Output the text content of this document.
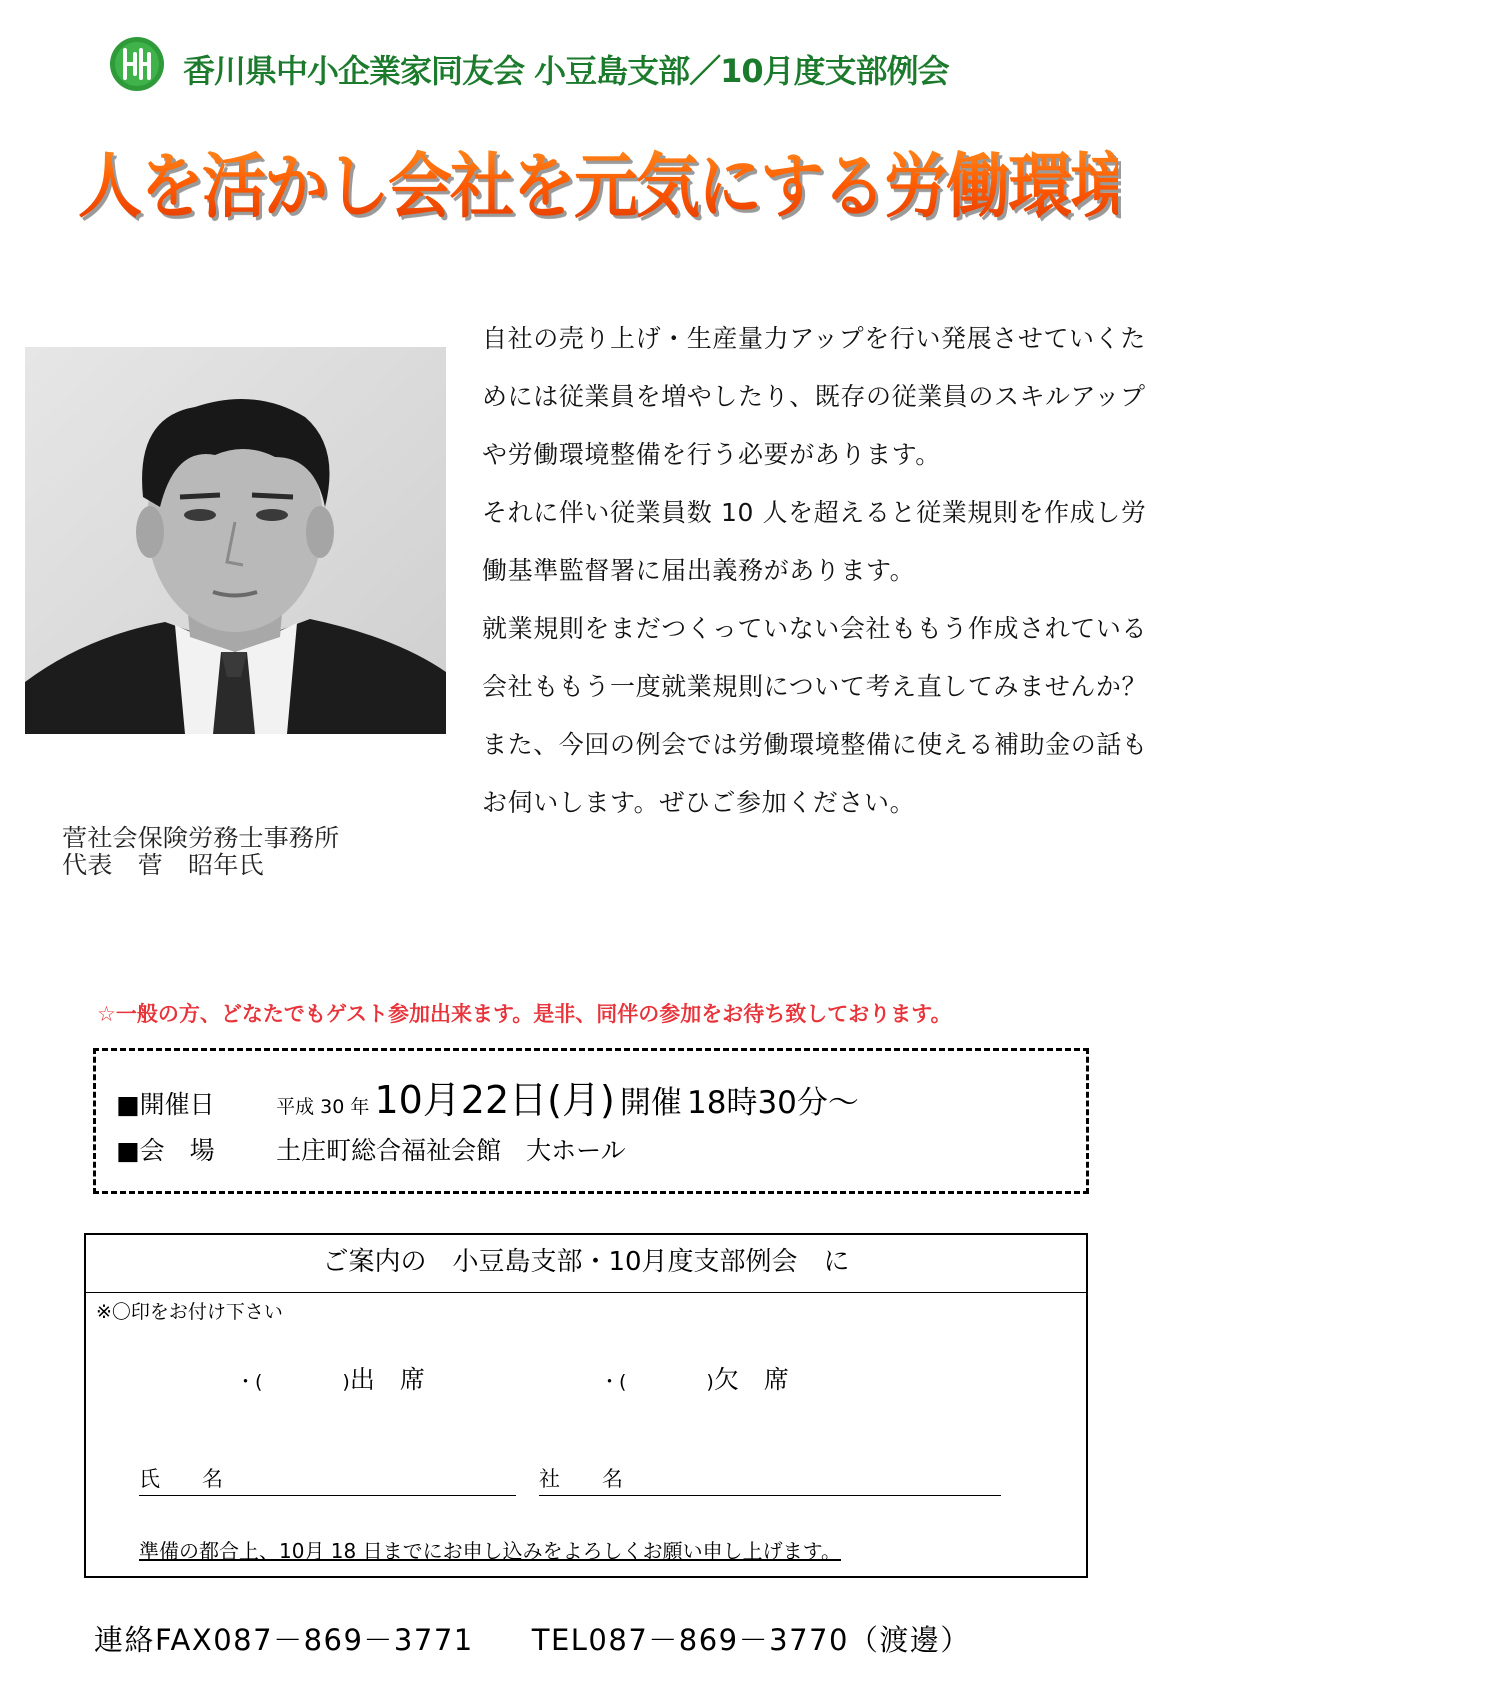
香川県中小企業家同友会 小豆島支部／10月度支部例会
人を活かし会社を元気にする労働環境を考えよう！
菅社会保険労務士事務所
代表　菅　昭年氏

自社の売り上げ・生産量力アップを行い発展させていくためには従業員を増やしたり、既存の従業員のスキルアップや労働環境整備を行う必要があります。

それに伴い従業員数 10 人を超えると従業規則を作成し労働基準監督署に届出義務があります。

就業規則をまだつくっていない会社ももう作成されている会社ももう一度就業規則について考え直してみませんか？

また、今回の例会では労働環境整備に使える補助金の話もお伺いします。ぜひご参加ください。

☆一般の方、どなたでもゲスト参加出来ます。是非、同伴の参加をお待ち致しております。
■開催日	平成 30 年 10月22日(月) 開催 18時30分～
■会　場 土庄町総合福祉会館　大ホール
ご案内の　小豆島支部・10月度支部例会　に
※〇印をお付け下さい
・(	)出　席	・(	)欠　席
氏　　名	社　　名
準備の都合上、10月 18 日までにお申し込みをよろしくお願い申し上げます。
連絡FAX087－869－3771 TEL087－869－3770（渡邊）
